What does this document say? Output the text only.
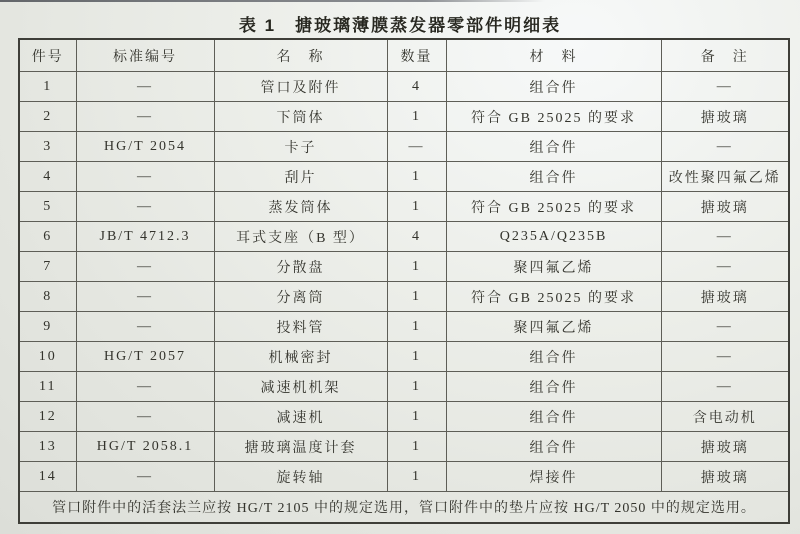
表 1　搪玻璃薄膜蒸发器零部件明细表
件号	标准编号	名　称	数量	材　料	备　注
1	—	管口及附件	4	组合件	—
2	—	下筒体	1	符合 GB 25025 的要求	搪玻璃
3	HG/T 2054	卡子	—	组合件	—
4	—	刮片	1	组合件	改性聚四氟乙烯
5	—	蒸发筒体	1	符合 GB 25025 的要求	搪玻璃
6	JB/T 4712.3	耳式支座（B 型）	4	Q235A/Q235B	—
7	—	分散盘	1	聚四氟乙烯	—
8	—	分离筒	1	符合 GB 25025 的要求	搪玻璃
9	—	投料管	1	聚四氟乙烯	—
10	HG/T 2057	机械密封	1	组合件	—
11	—	减速机机架	1	组合件	—
12	—	减速机	1	组合件	含电动机
13	HG/T 2058.1	搪玻璃温度计套	1	组合件	搪玻璃
14	—	旋转轴	1	焊接件	搪玻璃
管口附件中的活套法兰应按 HG/T 2105 中的规定选用，管口附件中的垫片应按 HG/T 2050 中的规定选用。					
